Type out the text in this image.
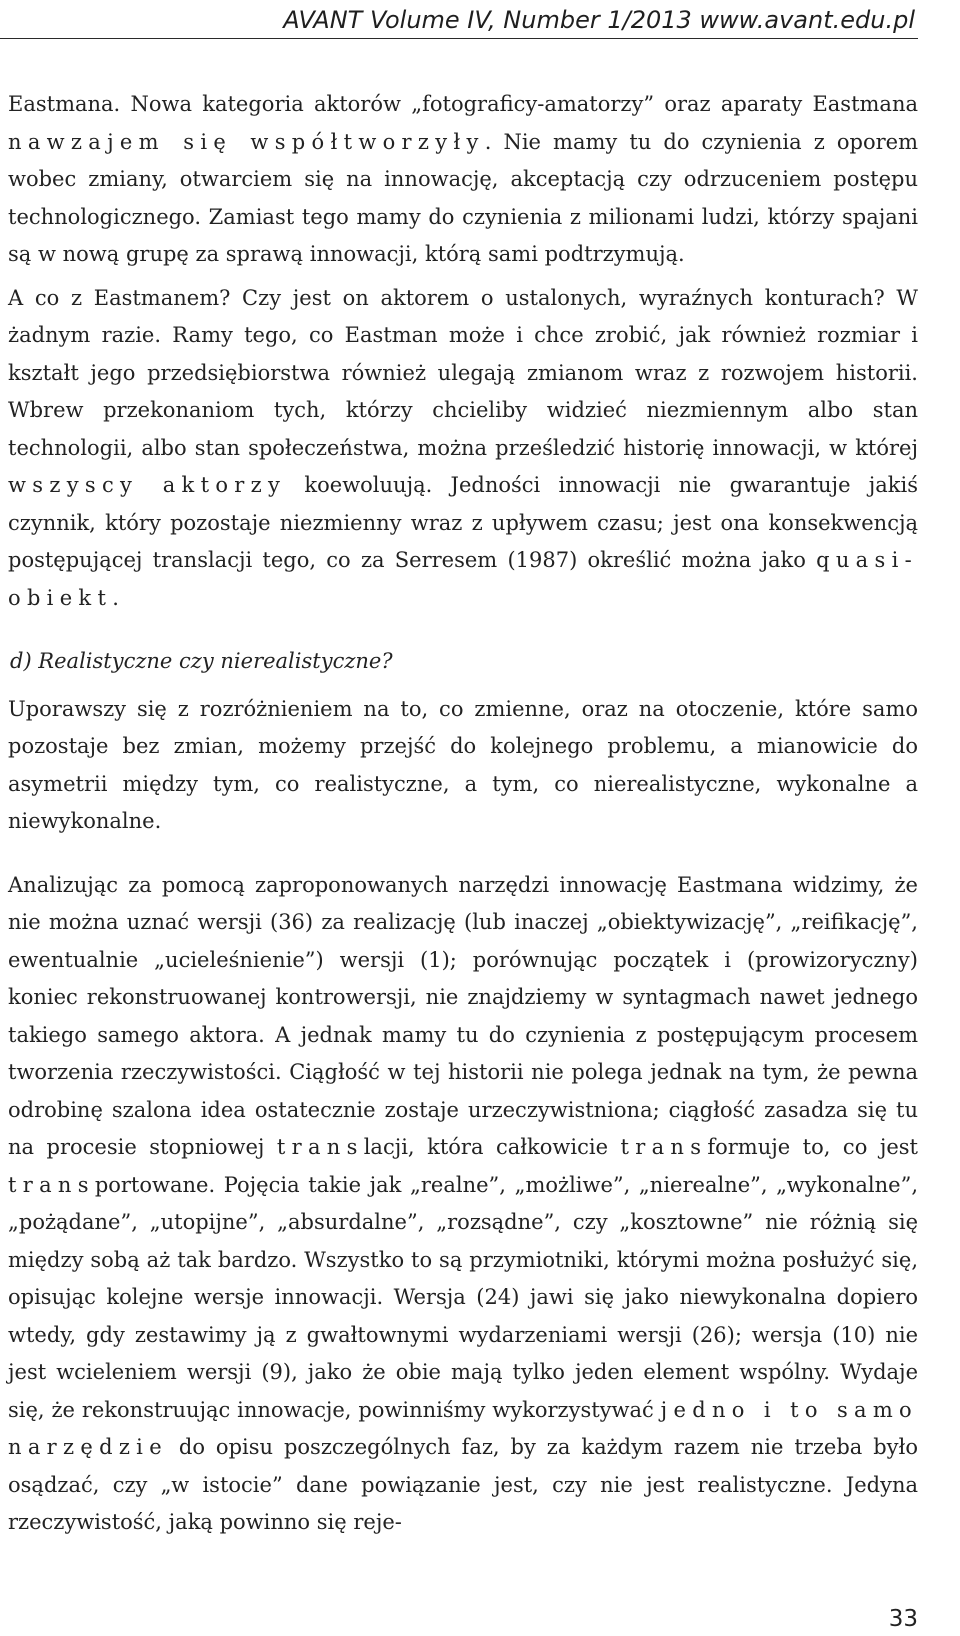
AVANT Volume IV, Number 1/2013 www.avant.edu.pl

Eastmana. Nowa kategoria aktorów „fotograficy-amatorzy” oraz aparaty Eastmana nawzajem się współtworzyły. Nie mamy tu do czynienia z oporem wobec zmiany, otwarciem się na innowację, akceptacją czy odrzuceniem postępu technologicznego. Zamiast tego mamy do czynienia z milionami ludzi, którzy spajani są w nową grupę za sprawą innowacji, którą sami podtrzymują.

A co z Eastmanem? Czy jest on aktorem o ustalonych, wyraźnych konturach? W żadnym razie. Ramy tego, co Eastman może i chce zrobić, jak również rozmiar i kształt jego przedsiębiorstwa również ulegają zmianom wraz z rozwojem historii. Wbrew przekonaniom tych, którzy chcieliby widzieć niezmiennym albo stan technologii, albo stan społeczeństwa, można prześledzić historię innowacji, w której wszyscy aktorzy koewoluują. Jedności innowacji nie gwarantuje jakiś czynnik, który pozostaje niezmienny wraz z upływem czasu; jest ona konsekwencją postępującej translacji tego, co za Serresem (1987) określić można jako quasi-obiekt.

d) Realistyczne czy nierealistyczne?

Uporawszy się z rozróżnieniem na to, co zmienne, oraz na otoczenie, które samo pozostaje bez zmian, możemy przejść do kolejnego problemu, a mianowicie do asymetrii między tym, co realistyczne, a tym, co nierealistyczne, wykonalne a niewykonalne.

Analizując za pomocą zaproponowanych narzędzi innowację Eastmana widzimy, że nie można uznać wersji (36) za realizację (lub inaczej „obiektywizację”, „reifikację”, ewentualnie „ucieleśnienie”) wersji (1); porównując początek i (prowizoryczny) koniec rekonstruowanej kontrowersji, nie znajdziemy w syntagmach nawet jednego takiego samego aktora. A jednak mamy tu do czynienia z postępującym procesem tworzenia rzeczywistości. Ciągłość w tej historii nie polega jednak na tym, że pewna odrobinę szalona idea ostatecznie zostaje urzeczywistniona; ciągłość zasadza się tu na procesie stopniowej translacji, która całkowicie transformuje to, co jest transportowane. Pojęcia takie jak „realne”, „możliwe”, „nierealne”, „wykonalne”, „pożądane”, „utopijne”, „absurdalne”, „rozsądne”, czy „kosztowne” nie różnią się między sobą aż tak bardzo. Wszystko to są przymiotniki, którymi można posłużyć się, opisując kolejne wersje innowacji. Wersja (24) jawi się jako niewykonalna dopiero wtedy, gdy zestawimy ją z gwałtownymi wydarzeniami wersji (26); wersja (10) nie jest wcieleniem wersji (9), jako że obie mają tylko jeden element wspólny. Wydaje się, że rekonstruując innowacje, powinniśmy wykorzystywać jedno i to samo narzędzie do opisu poszczególnych faz, by za każdym razem nie trzeba było osądzać, czy „w istocie” dane powiązanie jest, czy nie jest realistyczne. Jedyna rzeczywistość, jaką powinno się reje-

33
